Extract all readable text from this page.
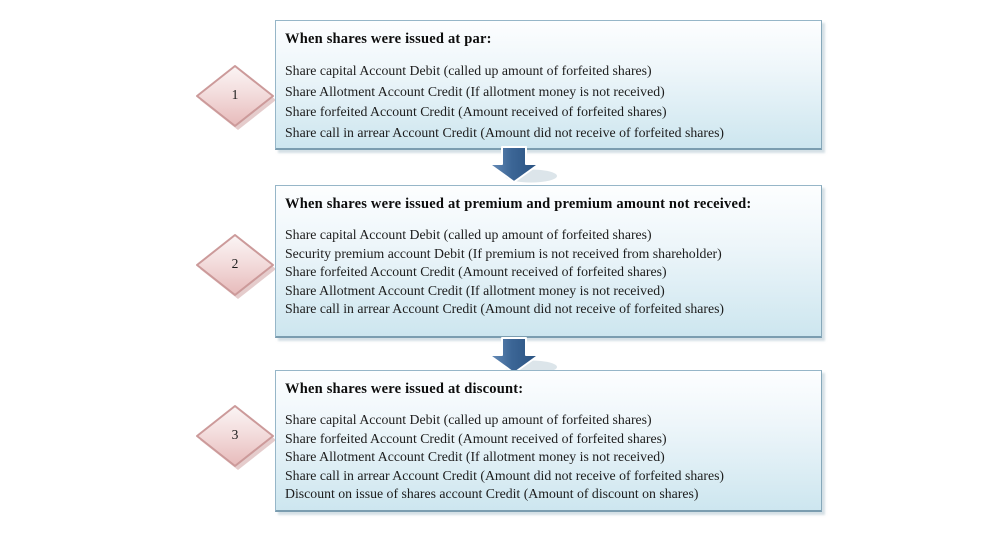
1
When shares were issued at par:
Share capital Account Debit (called up amount of forfeited shares)
Share Allotment Account Credit (If allotment money is not received)
Share forfeited Account Credit (Amount received of forfeited shares)
Share call in arrear Account Credit (Amount did not receive of forfeited shares)
2
When shares were issued at premium and premium amount not received:
Share capital Account Debit (called up amount of forfeited shares)
Security premium account Debit (If premium is not received from shareholder)
Share forfeited Account Credit (Amount received of forfeited shares)
Share Allotment Account Credit (If allotment money is not received)
Share call in arrear Account Credit (Amount did not receive of forfeited shares)
3
When shares were issued at discount:
Share capital Account Debit (called up amount of forfeited shares)
Share forfeited Account Credit (Amount received of forfeited shares)
Share Allotment Account Credit (If allotment money is not received)
Share call in arrear Account Credit (Amount did not receive of forfeited shares)
Discount on issue of shares account Credit (Amount of discount on shares)
